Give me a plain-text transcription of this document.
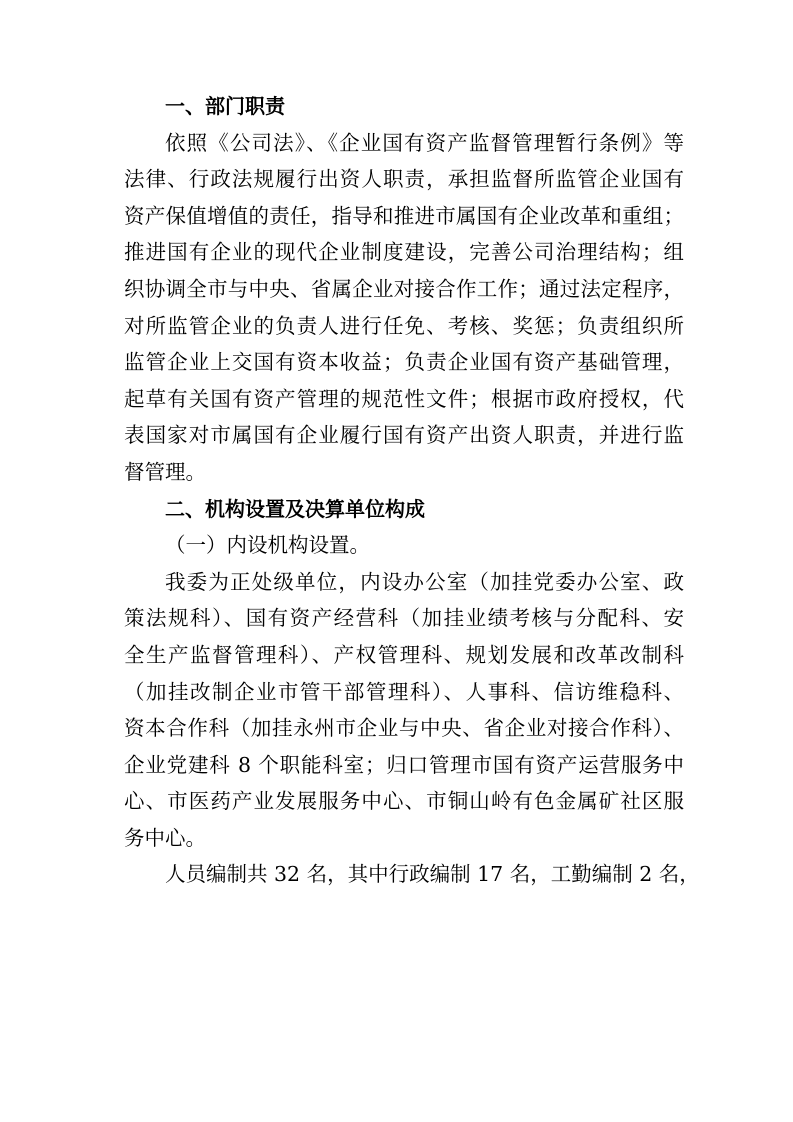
一、部门职责
依照《公司法》、《企业国有资产监督管理暂行条例》等
法律、行政法规履行出资人职责，承担监督所监管企业国有
资产保值增值的责任，指导和推进市属国有企业改革和重组；
推进国有企业的现代企业制度建设，完善公司治理结构；组
织协调全市与中央、省属企业对接合作工作；通过法定程序，
对所监管企业的负责人进行任免、考核、奖惩；负责组织所
监管企业上交国有资本收益；负责企业国有资产基础管理，
起草有关国有资产管理的规范性文件；根据市政府授权，代
表国家对市属国有企业履行国有资产出资人职责，并进行监
督管理。
二、机构设置及决算单位构成
（一）内设机构设置。
我委为正处级单位，内设办公室（加挂党委办公室、政
策法规科）、国有资产经营科（加挂业绩考核与分配科、安
全生产监督管理科）、产权管理科、规划发展和改革改制科
（加挂改制企业市管干部管理科）、人事科、信访维稳科、
资本合作科（加挂永州市企业与中央、省企业对接合作科）、
企业党建科 8 个职能科室；归口管理市国有资产运营服务中
心、市医药产业发展服务中心、市铜山岭有色金属矿社区服
务中心。
人员编制共 32 名，其中行政编制 17 名，工勤编制 2 名，
